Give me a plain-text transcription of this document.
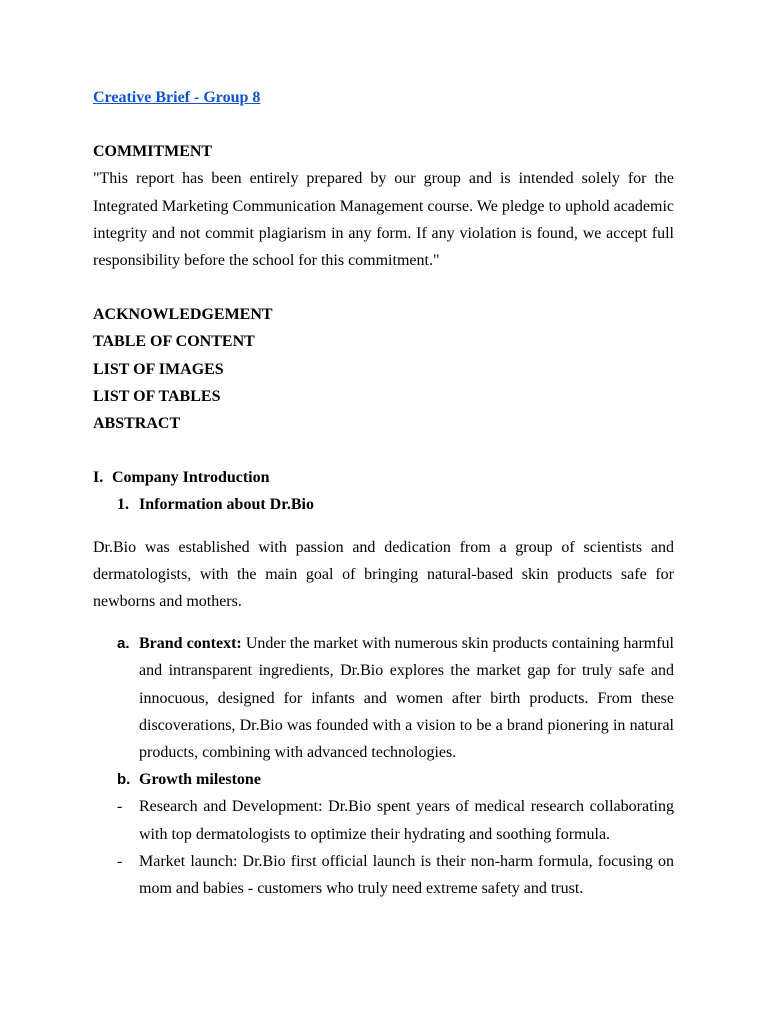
Creative Brief - Group 8

COMMITMENT

"This report has been entirely prepared by our group and is intended solely for the Integrated Marketing Communication Management course. We pledge to uphold academic integrity and not commit plagiarism in any form. If any violation is found, we accept full responsibility before the school for this commitment."

ACKNOWLEDGEMENT

TABLE OF CONTENT

LIST OF IMAGES

LIST OF TABLES

ABSTRACT

I. Company Introduction
1. Information about Dr.Bio

Dr.Bio was established with passion and dedication from a group of scientists and dermatologists, with the main goal of bringing natural-based skin products safe for newborns and mothers.

a. Brand context: Under the market with numerous skin products containing harmful and intransparent ingredients, Dr.Bio explores the market gap for truly safe and innocuous, designed for infants and women after birth products. From these discoverations, Dr.Bio was founded with a vision to be a brand pionering in natural products, combining with advanced technologies.
b. Growth milestone
-	Research and Development: Dr.Bio spent years of medical research collaborating with top dermatologists to optimize their hydrating and soothing formula.
-	Market launch: Dr.Bio first official launch is their non-harm formula, focusing on mom and babies - customers who truly need extreme safety and trust.
